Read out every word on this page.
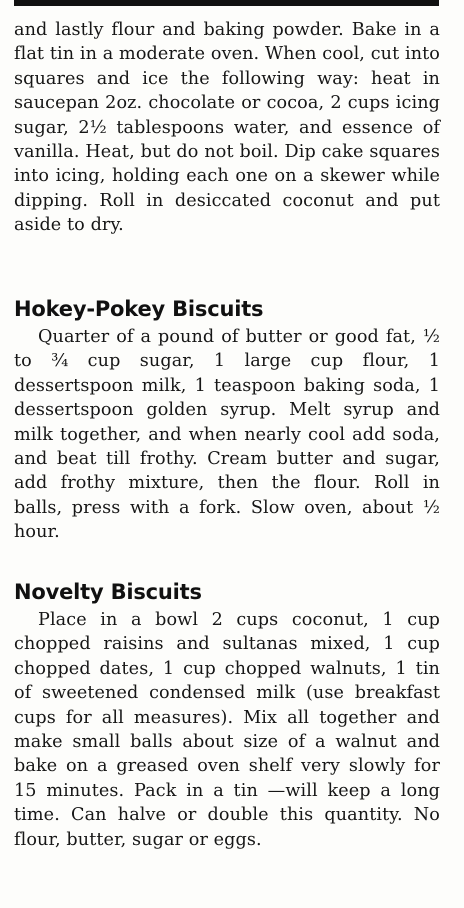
and lastly flour and baking powder. Bake in a flat tin in a moderate oven. When cool, cut into squares and ice the following way: heat in saucepan 2oz. chocolate or cocoa, 2 cups icing sugar, 2½ tablespoons water, and essence of vanilla. Heat, but do not boil. Dip cake squares into icing, holding each one on a skewer while dipping. Roll in desiccated coconut and put aside to dry.

Hokey-Pokey Biscuits

Quarter of a pound of butter or good fat, ½ to ¾ cup sugar, 1 large cup flour, 1 dessertspoon milk, 1 teaspoon baking soda, 1 dessertspoon golden syrup. Melt syrup and milk together, and when nearly cool add soda, and beat till frothy. Cream butter and sugar, add frothy mixture, then the flour. Roll in balls, press with a fork. Slow oven, about ½ hour.

Novelty Biscuits

Place in a bowl 2 cups coconut, 1 cup chopped raisins and sultanas mixed, 1 cup chopped dates, 1 cup chopped walnuts, 1 tin of sweetened condensed milk (use breakfast cups for all measures). Mix all together and make small balls about size of a walnut and bake on a greased oven shelf very slowly for 15 minutes. Pack in a tin —will keep a long time. Can halve or double this quantity. No flour, butter, sugar or eggs.
